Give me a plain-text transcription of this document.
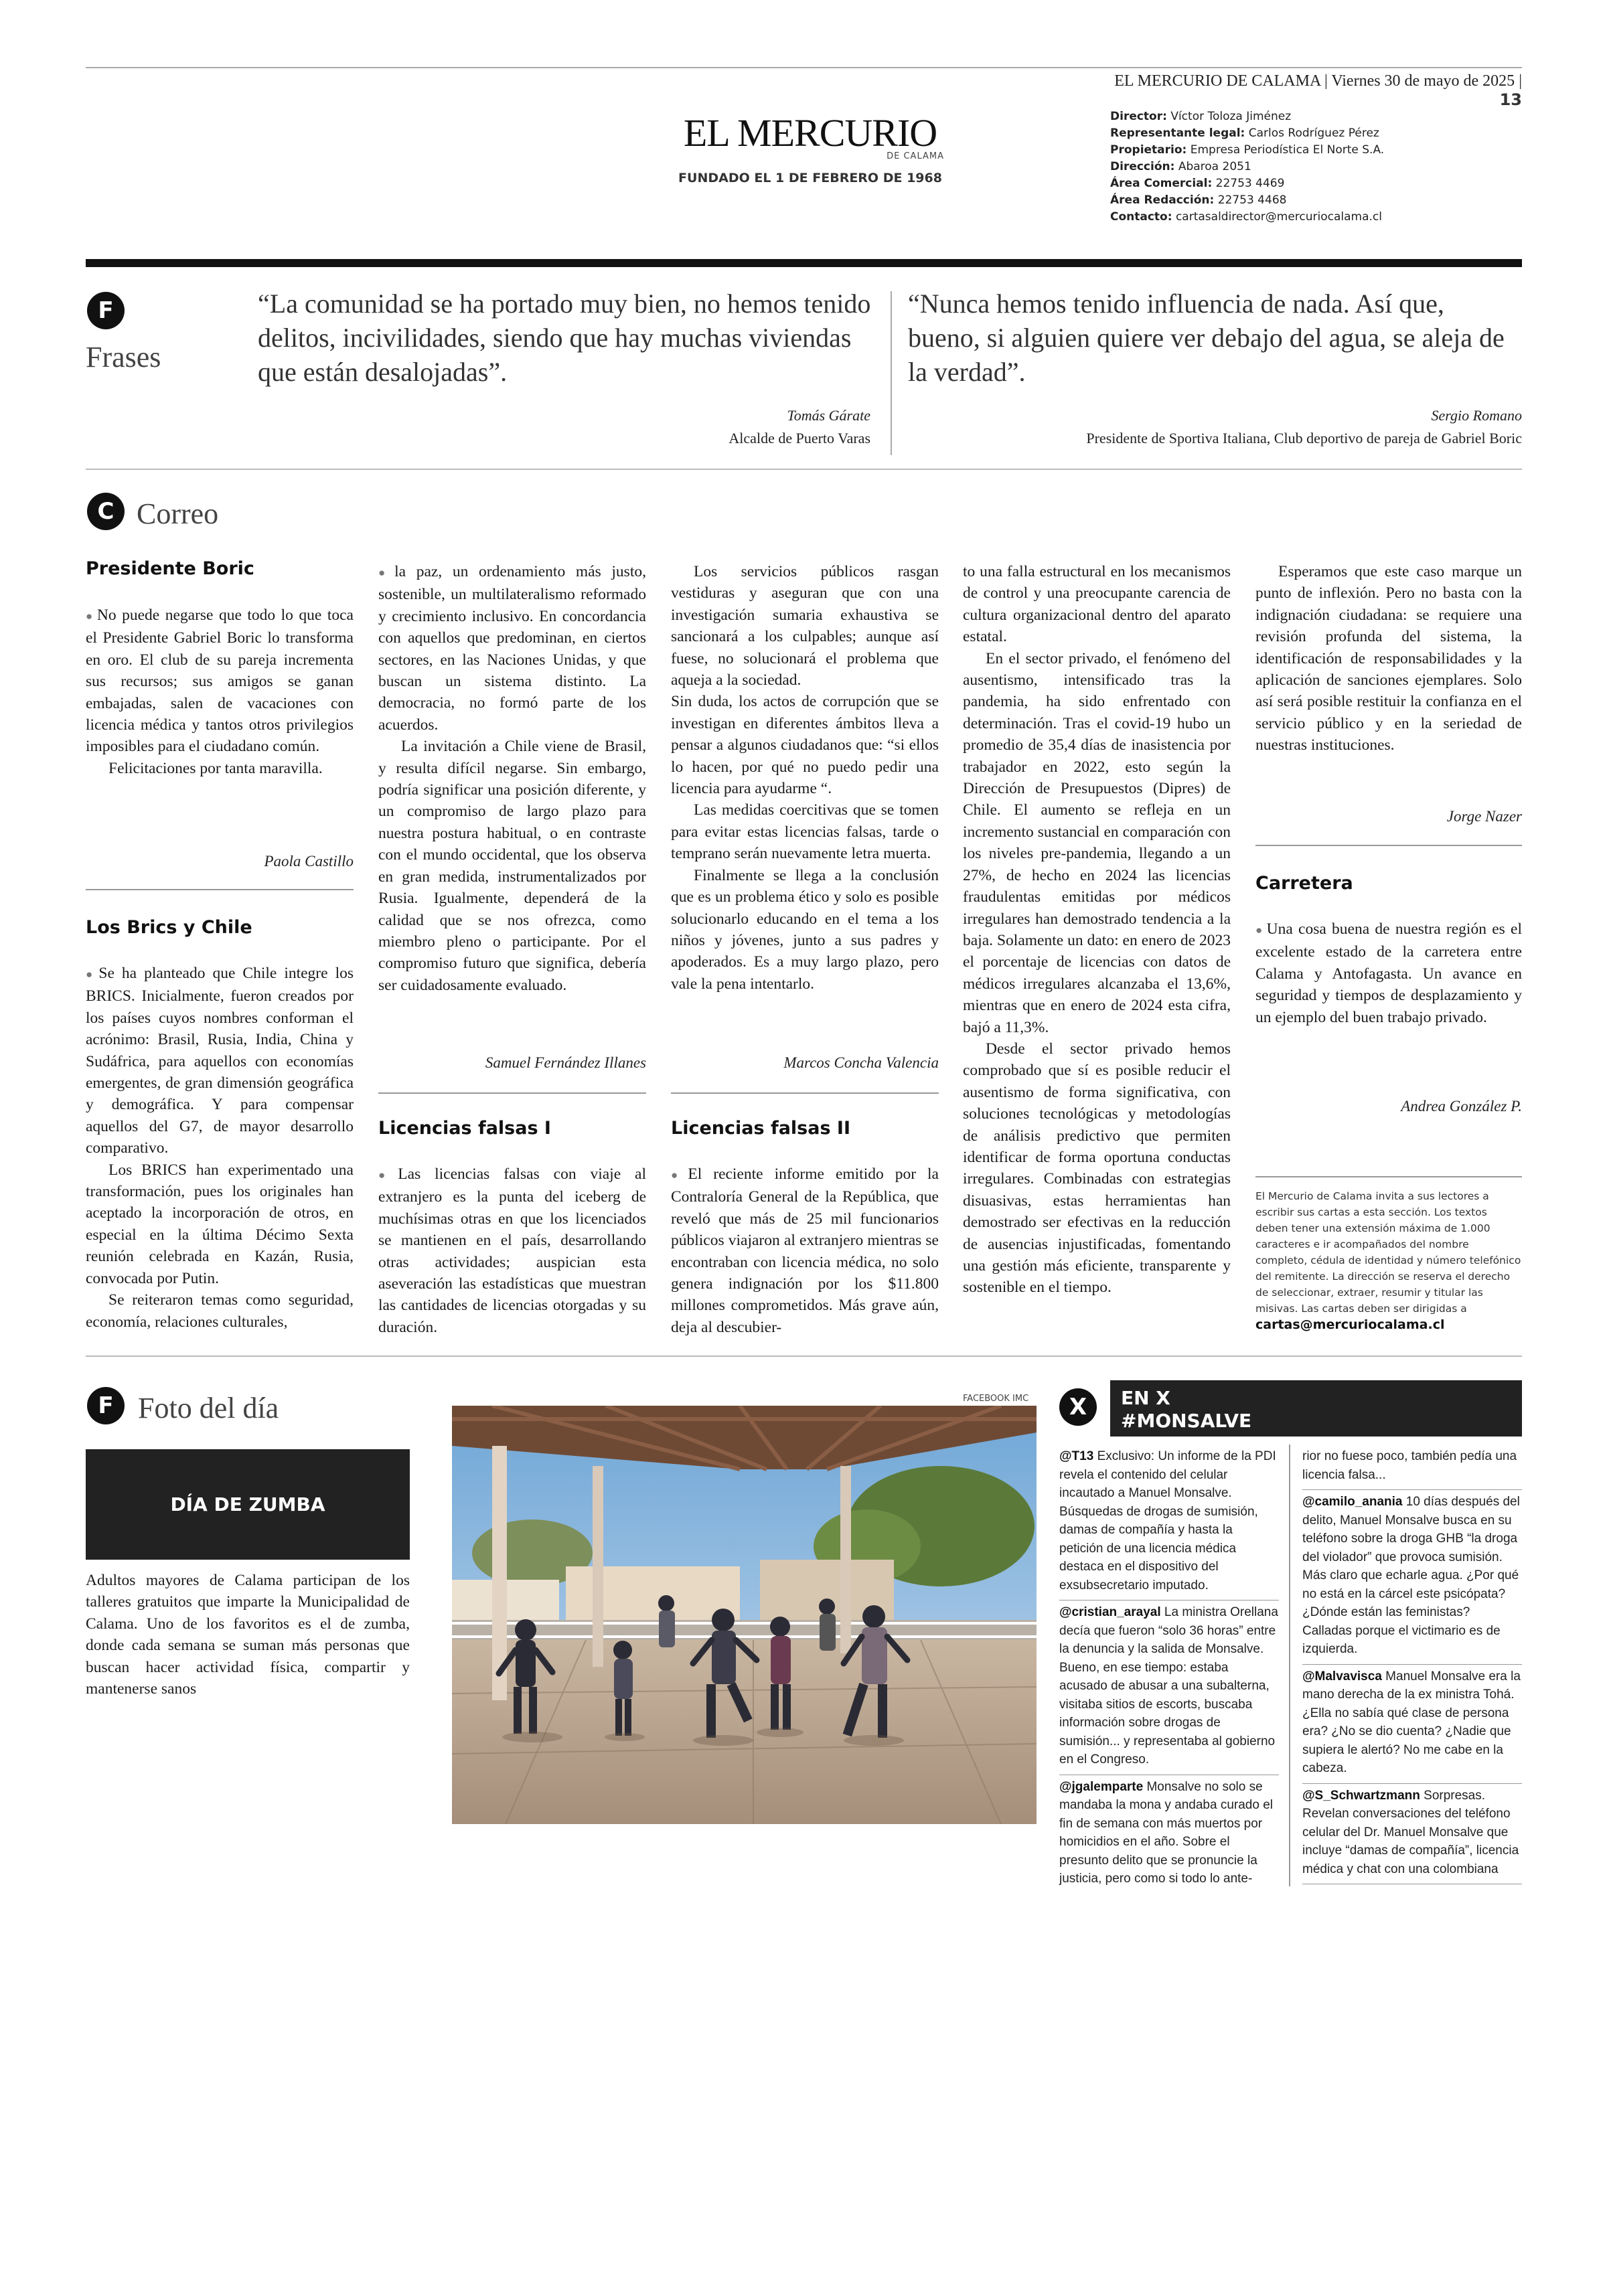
EL MERCURIO DE CALAMA | Viernes 30 de mayo de 2025 | 13
EL MERCURIO
DE CALAMA
FUNDADO EL 1 DE FEBRERO DE 1968
Director: Víctor Toloza Jiménez
Representante legal: Carlos Rodríguez Pérez
Propietario: Empresa Periodística El Norte S.A.
Dirección: Abaroa 2051
Área Comercial: 22753 4469
Área Redacción: 22753 4468
Contacto: cartasaldirector@mercuriocalama.cl
F
Frases
“La comunidad se ha portado muy bien, no hemos tenido delitos, incivilidades, siendo que hay muchas viviendas que están desalojadas”.
Tomás Gárate
Alcalde de Puerto Varas
“Nunca hemos tenido influencia de nada. Así que, bueno, si alguien quiere ver debajo del agua, se aleja de la verdad”.
Sergio Romano
Presidente de Sportiva Italiana, Club deportivo de pareja de Gabriel Boric
C Correo
Presidente Boric

● No puede negarse que todo lo que toca el Presidente Gabriel Boric lo transforma en oro. El club de su pareja incrementa sus recursos; sus amigos se ganan embajadas, salen de vacaciones con licencia médica y tantos otros privilegios imposibles para el ciudadano común.

Felicitaciones por tanta maravilla.

Paola Castillo
Los Brics y Chile

● Se ha planteado que Chile integre los BRICS. Inicialmente, fueron creados por los países cuyos nombres conforman el acrónimo: Brasil, Rusia, India, China y Sudáfrica, para aquellos con economías emergentes, de gran dimensión geográfica y demográfica. Y para compensar aquellos del G7, de mayor desarrollo comparativo.

Los BRICS han experimentado una transformación, pues los originales han aceptado la incorporación de otros, en especial en la última Décimo Sexta reunión celebrada en Kazán, Rusia, convocada por Putin.

Se reiteraron temas como seguridad, economía, relaciones culturales,

● la paz, un ordenamiento más justo, sostenible, un multilateralismo reformado y crecimiento inclusivo. En concordancia con aquellos que predominan, en ciertos sectores, en las Naciones Unidas, y que buscan un sistema distinto. La democracia, no formó parte de los acuerdos.

La invitación a Chile viene de Brasil, y resulta difícil negarse. Sin embargo, podría significar una posición diferente, y un compromiso de largo plazo para nuestra postura habitual, o en contraste con el mundo occidental, que los observa en gran medida, instrumentalizados por Rusia. Igualmente, dependerá de la calidad que se nos ofrezca, como miembro pleno o participante. Por el compromiso futuro que significa, debería ser cuidadosamente evaluado.

Samuel Fernández Illanes
Licencias falsas I

● Las licencias falsas con viaje al extranjero es la punta del iceberg de muchísimas otras en que los licenciados se mantienen en el país, desarrollando otras actividades; auspician esta aseveración las estadísticas que muestran las cantidades de licencias otorgadas y su duración.

Los servicios públicos rasgan vestiduras y aseguran que con una investigación sumaria exhaustiva se sancionará a los culpables; aunque así fuese, no solucionará el problema que aqueja a la sociedad.

Sin duda, los actos de corrupción que se investigan en diferentes ámbitos lleva a pensar a algunos ciudadanos que: “si ellos lo hacen, por qué no puedo pedir una licencia para ayudarme “.

Las medidas coercitivas que se tomen para evitar estas licencias falsas, tarde o temprano serán nuevamente letra muerta.

Finalmente se llega a la conclusión que es un problema ético y solo es posible solucionarlo educando en el tema a los niños y jóvenes, junto a sus padres y apoderados. Es a muy largo plazo, pero vale la pena intentarlo.

Marcos Concha Valencia
Licencias falsas II

● El reciente informe emitido por la Contraloría General de la República, que reveló que más de 25 mil funcionarios públicos viajaron al extranjero mientras se encontraban con licencia médica, no solo genera indignación por los $11.800 millones comprometidos. Más grave aún, deja al descubier-

to una falla estructural en los mecanismos de control y una preocupante carencia de cultura organizacional dentro del aparato estatal.

En el sector privado, el fenómeno del ausentismo, intensificado tras la pandemia, ha sido enfrentado con determinación. Tras el covid-19 hubo un promedio de 35,4 días de inasistencia por trabajador en 2022, esto según la Dirección de Presupuestos (Dipres) de Chile. El aumento se refleja en un incremento sustancial en comparación con los niveles pre-pandemia, llegando a un 27%, de hecho en 2024 las licencias fraudulentas emitidas por médicos irregulares han demostrado tendencia a la baja. Solamente un dato: en enero de 2023 el porcentaje de licencias con datos de médicos irregulares alcanzaba el 13,6%, mientras que en enero de 2024 esta cifra, bajó a 11,3%.

Desde el sector privado hemos comprobado que sí es posible reducir el ausentismo de forma significativa, con soluciones tecnológicas y metodologías de análisis predictivo que permiten identificar de forma oportuna conductas irregulares. Combinadas con estrategias disuasivas, estas herramientas han demostrado ser efectivas en la reducción de ausencias injustificadas, fomentando una gestión más eficiente, transparente y sostenible en el tiempo.

Esperamos que este caso marque un punto de inflexión. Pero no basta con la indignación ciudadana: se requiere una revisión profunda del sistema, la identificación de responsabilidades y la aplicación de sanciones ejemplares. Solo así será posible restituir la confianza en el servicio público y en la seriedad de nuestras instituciones.

Jorge Nazer
Carretera

● Una cosa buena de nuestra región es el excelente estado de la carretera entre Calama y Antofagasta. Un avance en seguridad y tiempos de desplazamiento y un ejemplo del buen trabajo privado.

Andrea González P.
El Mercurio de Calama invita a sus lectores a escribir sus cartas a esta sección. Los textos deben tener una extensión máxima de 1.000 caracteres e ir acompañados del nombre completo, cédula de identidad y número telefónico del remitente. La dirección se reserva el derecho de seleccionar, extraer, resumir y titular las misivas. Las cartas deben ser dirigidas a cartas@mercuriocalama.cl
F Foto del día
DÍA DE ZUMBA
Adultos mayores de Calama participan de los talleres gratuitos que imparte la Municipalidad de Calama. Uno de los favoritos es el de zumba, donde cada semana se suman más personas que buscan hacer actividad física, compartir y mantenerse sanos
FACEBOOK IMC	X	EN X
#MONSALVE
@T13 Exclusivo: Un informe de la PDI revela el contenido del celular incautado a Manuel Monsalve. Búsquedas de drogas de sumisión, damas de compañía y hasta la petición de una licencia médica destaca en el dispositivo del exsubsecretario imputado.
@cristian_arayal La ministra Orellana decía que fueron “solo 36 horas” entre la denuncia y la salida de Monsalve. Bueno, en ese tiempo: estaba acusado de abusar a una subalterna, visitaba sitios de escorts, buscaba información sobre drogas de sumisión... y representaba al gobierno en el Congreso.
@jgalemparte Monsalve no solo se mandaba la mona y andaba curado el fin de semana con más muertos por homicidios en el año. Sobre el presunto delito que se pronuncie la justicia, pero como si todo lo ante-
rior no fuese poco, también pedía una licencia falsa...
@camilo_anania 10 días después del delito, Manuel Monsalve busca en su teléfono sobre la droga GHB “la droga del violador” que provoca sumisión. Más claro que echarle agua. ¿Por qué no está en la cárcel este psicópata? ¿Dónde están las feministas? Calladas porque el victimario es de izquierda.
@Malvavisca Manuel Monsalve era la mano derecha de la ex ministra Tohá. ¿Ella no sabía qué clase de persona era? ¿No se dio cuenta? ¿Nadie que supiera le alertó? No me cabe en la cabeza.
@S_Schwartzmann Sorpresas. Revelan conversaciones del teléfono celular del Dr. Manuel Monsalve que incluye “damas de compañía”, licencia médica y chat con una colombiana
